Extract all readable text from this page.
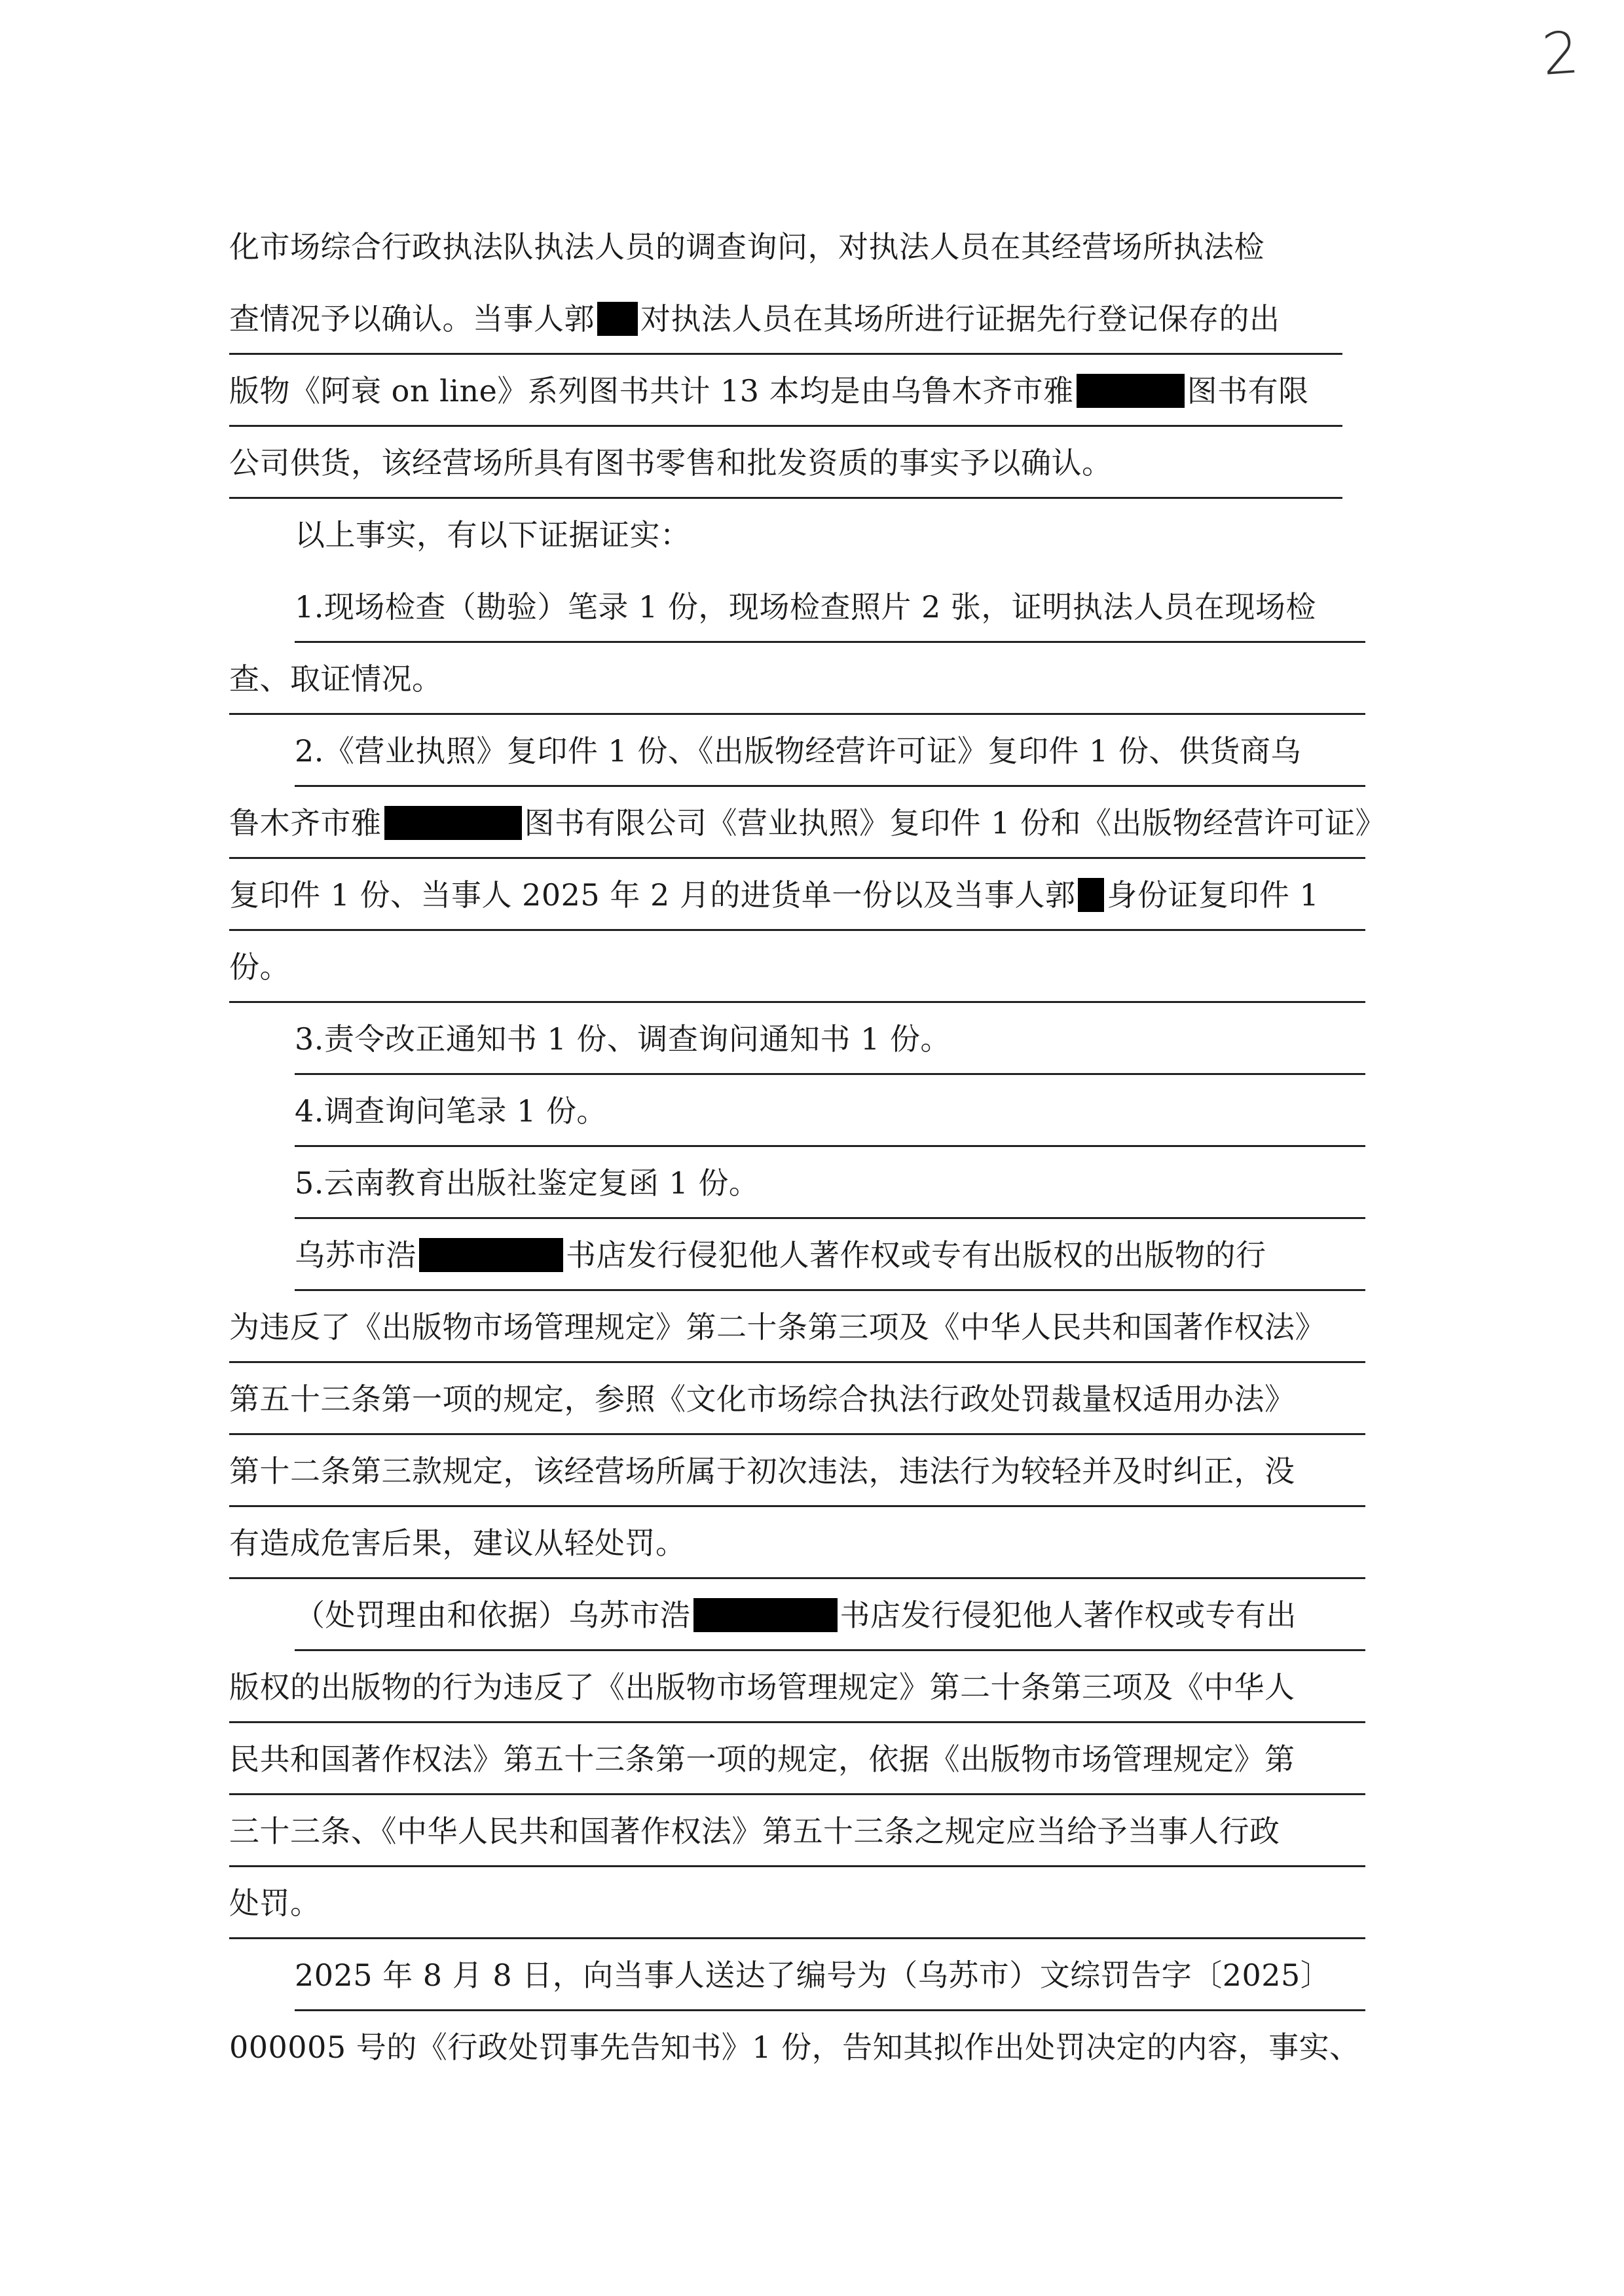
2
化市场综合行政执法队执法人员的调查询问，对执法人员在其经营场所执法检
查情况予以确认。当事人郭 对执法人员在其场所进行证据先行登记保存的出
版物《阿衰 on line》系列图书共计 13 本均是由乌鲁木齐市雅	图书有限
公司供货，该经营场所具有图书零售和批发资质的事实予以确认。
以上事实，有以下证据证实：
1.现场检查（勘验）笔录 1 份，现场检查照片 2 张，证明执法人员在现场检
查、取证情况。
2.《营业执照》复印件 1 份、《出版物经营许可证》复印件 1 份、供货商乌
鲁木齐市雅	图书有限公司《营业执照》复印件 1 份和《出版物经营许可证》
复印件 1 份、当事人 2025 年 2 月的进货单一份以及当事人郭 身份证复印件 1
份。
3.责令改正通知书 1 份、调查询问通知书 1 份。
4.调查询问笔录 1 份。
5.云南教育出版社鉴定复函 1 份。
乌苏市浩	书店发行侵犯他人著作权或专有出版权的出版物的行
为违反了《出版物市场管理规定》第二十条第三项及《中华人民共和国著作权法》
第五十三条第一项的规定，参照《文化市场综合执法行政处罚裁量权适用办法》
第十二条第三款规定，该经营场所属于初次违法，违法行为较轻并及时纠正，没
有造成危害后果，建议从轻处罚。
（处罚理由和依据）乌苏市浩	书店发行侵犯他人著作权或专有出
版权的出版物的行为违反了《出版物市场管理规定》第二十条第三项及《中华人
民共和国著作权法》第五十三条第一项的规定，依据《出版物市场管理规定》第
三十三条、《中华人民共和国著作权法》第五十三条之规定应当给予当事人行政
处罚。
2025 年 8 月 8 日，向当事人送达了编号为（乌苏市）文综罚告字〔2025〕
000005 号的《行政处罚事先告知书》1 份，告知其拟作出处罚决定的内容，事实、
